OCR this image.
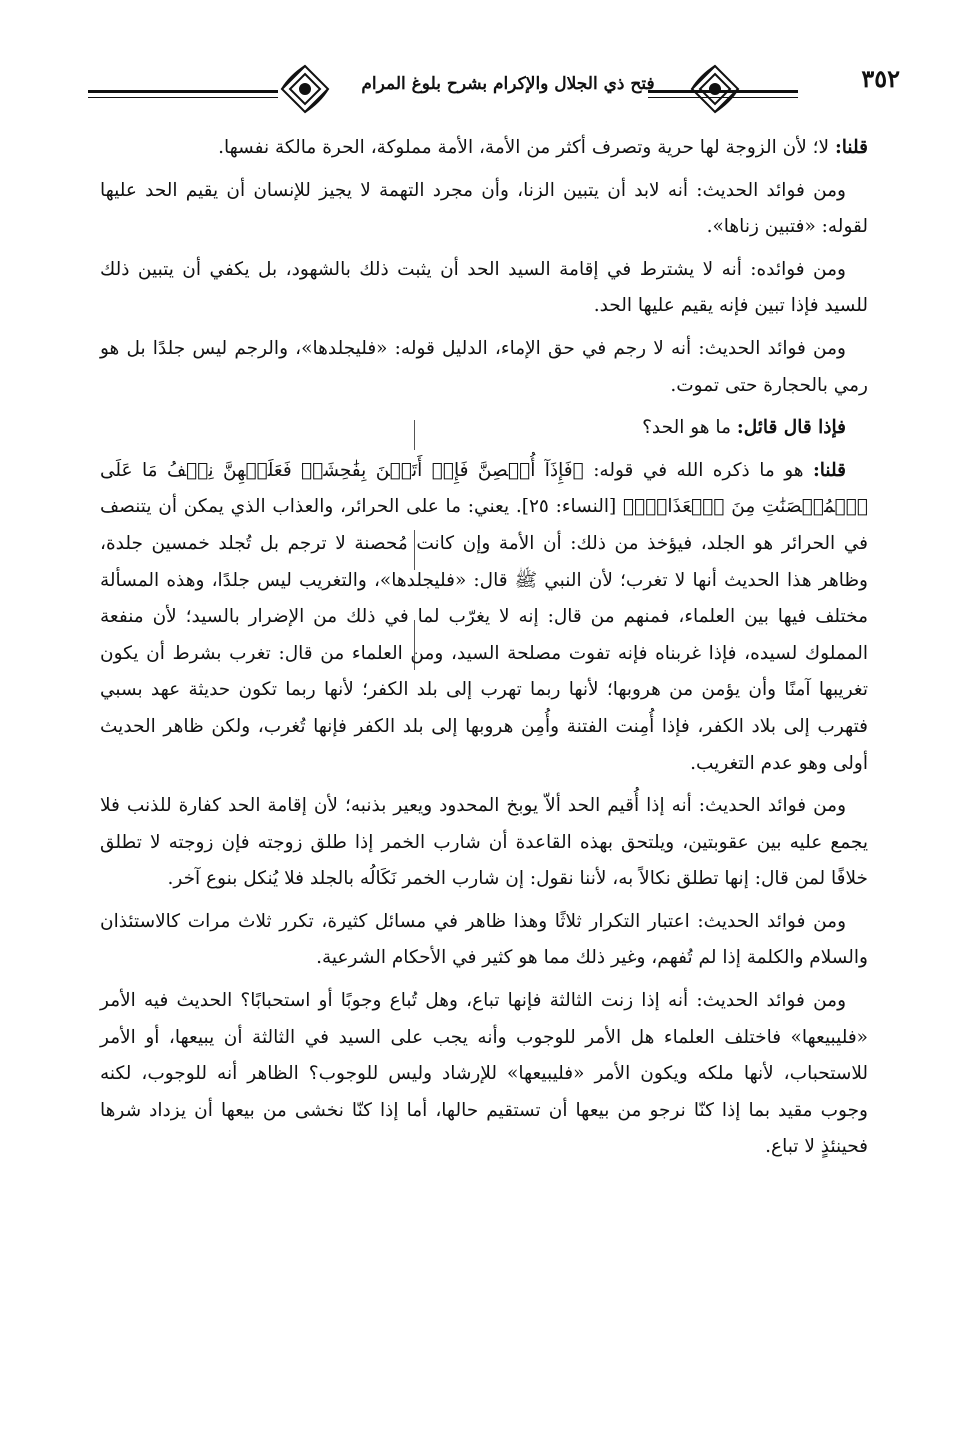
فتح ذي الجلال والإكرام بشرح بلوغ المرام	٣٥٢

قلنا: لا؛ لأن الزوجة لها حرية وتصرف أكثر من الأمة، الأمة مملوكة، الحرة مالكة نفسها.

ومن فوائد الحديث: أنه لابد أن يتبين الزنا، وأن مجرد التهمة لا يجيز للإنسان أن يقيم الحد عليها لقوله: «فتبين زناها».

ومن فوائده: أنه لا يشترط في إقامة السيد الحد أن يثبت ذلك بالشهود، بل يكفي أن يتبين ذلك للسيد فإذا تبين فإنه يقيم عليها الحد.

ومن فوائد الحديث: أنه لا رجم في حق الإماء، الدليل قوله: «فليجلدها»، والرجم ليس جلدًا بل هو رمي بالحجارة حتى تموت.

فإذا قال قائل: ما هو الحد؟

قلنا: هو ما ذكره الله في قوله: ﴿فَإِذَآ أُحۡصِنَّ فَإِنۡ أَتَيۡنَ بِفَٰحِشَةٖ فَعَلَيۡهِنَّ نِصۡفُ مَا عَلَى ٱلۡمُحۡصَنَٰتِ مِنَ ٱلۡعَذَابِۚ﴾ [النساء: ٢٥]. يعني: ما على الحرائر، والعذاب الذي يمكن أن يتنصف في الحرائر هو الجلد، فيؤخذ من ذلك: أن الأمة وإن كانت مُحصنة لا ترجم بل تُجلد خمسين جلدة، وظاهر هذا الحديث أنها لا تغرب؛ لأن النبي ﷺ قال: «فليجلدها»، والتغريب ليس جلدًا، وهذه المسألة مختلف فيها بين العلماء، فمنهم من قال: إنه لا يغرّب لما في ذلك من الإضرار بالسيد؛ لأن منفعة المملوك لسيده، فإذا غربناه فإنه تفوت مصلحة السيد، ومن العلماء من قال: تغرب بشرط أن يكون تغريبها آمنًا وأن يؤمن من هروبها؛ لأنها ربما تهرب إلى بلد الكفر؛ لأنها ربما تكون حديثة عهد بسبي فتهرب إلى بلاد الكفر، فإذا أُمِنت الفتنة وأُمِن هروبها إلى بلد الكفر فإنها تُغرب، ولكن ظاهر الحديث أولى وهو عدم التغريب.

ومن فوائد الحديث: أنه إذا أُقيم الحد ألاّ يوبخ المحدود ويعير بذنبه؛ لأن إقامة الحد كفارة للذنب فلا يجمع عليه بين عقوبتين، ويلتحق بهذه القاعدة أن شارب الخمر إذا طلق زوجته فإن زوجته لا تطلق خلافًا لمن قال: إنها تطلق نكالاً به، لأننا نقول: إن شارب الخمر نَكَالُه بالجلد فلا يُنكل بنوع آخر.

ومن فوائد الحديث: اعتبار التكرار ثلاثًا وهذا ظاهر في مسائل كثيرة، تكرر ثلاث مرات كالاستئذان والسلام والكلمة إذا لم تُفهم، وغير ذلك مما هو كثير في الأحكام الشرعية.

ومن فوائد الحديث: أنه إذا زنت الثالثة فإنها تباع، وهل تُباع وجوبًا أو استحبابًا؟ الحديث فيه الأمر «فليبيعها» فاختلف العلماء هل الأمر للوجوب وأنه يجب على السيد في الثالثة أن يبيعها، أو الأمر للاستحباب، لأنها ملكه ويكون الأمر «فليبيعها» للإرشاد وليس للوجوب؟ الظاهر أنه للوجوب، لكنه وجوب مقيد بما إذا كنّا نرجو من بيعها أن تستقيم حالها، أما إذا كنّا نخشى من بيعها أن يزداد شرها فحينئذٍ لا تباع.
